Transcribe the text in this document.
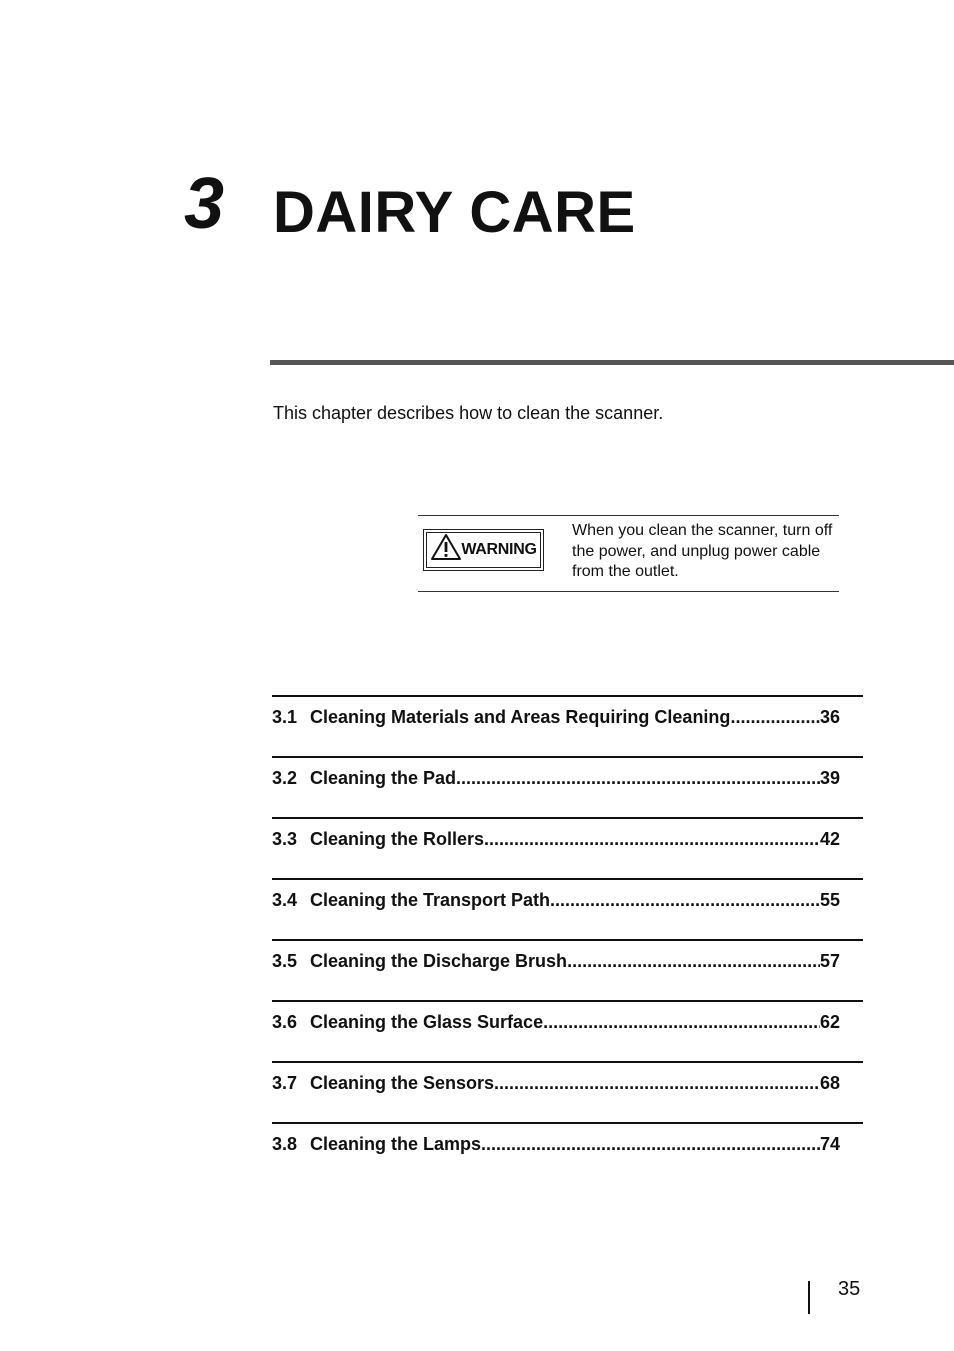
3 DAIRY CARE
This chapter describes how to clean the scanner.
WARNING
When you clean the scanner, turn off the power, and unplug power cable from the outlet.
3.1 Cleaning Materials and Areas Requiring Cleaning .....	36
3.2 Cleaning the Pad .....	39
3.3 Cleaning the Rollers .....	42
3.4 Cleaning the Transport Path .....	55
3.5 Cleaning the Discharge Brush .....	57
3.6 Cleaning the Glass Surface .....	62
3.7 Cleaning the Sensors .....	68
3.8 Cleaning the Lamps .....	74
35
